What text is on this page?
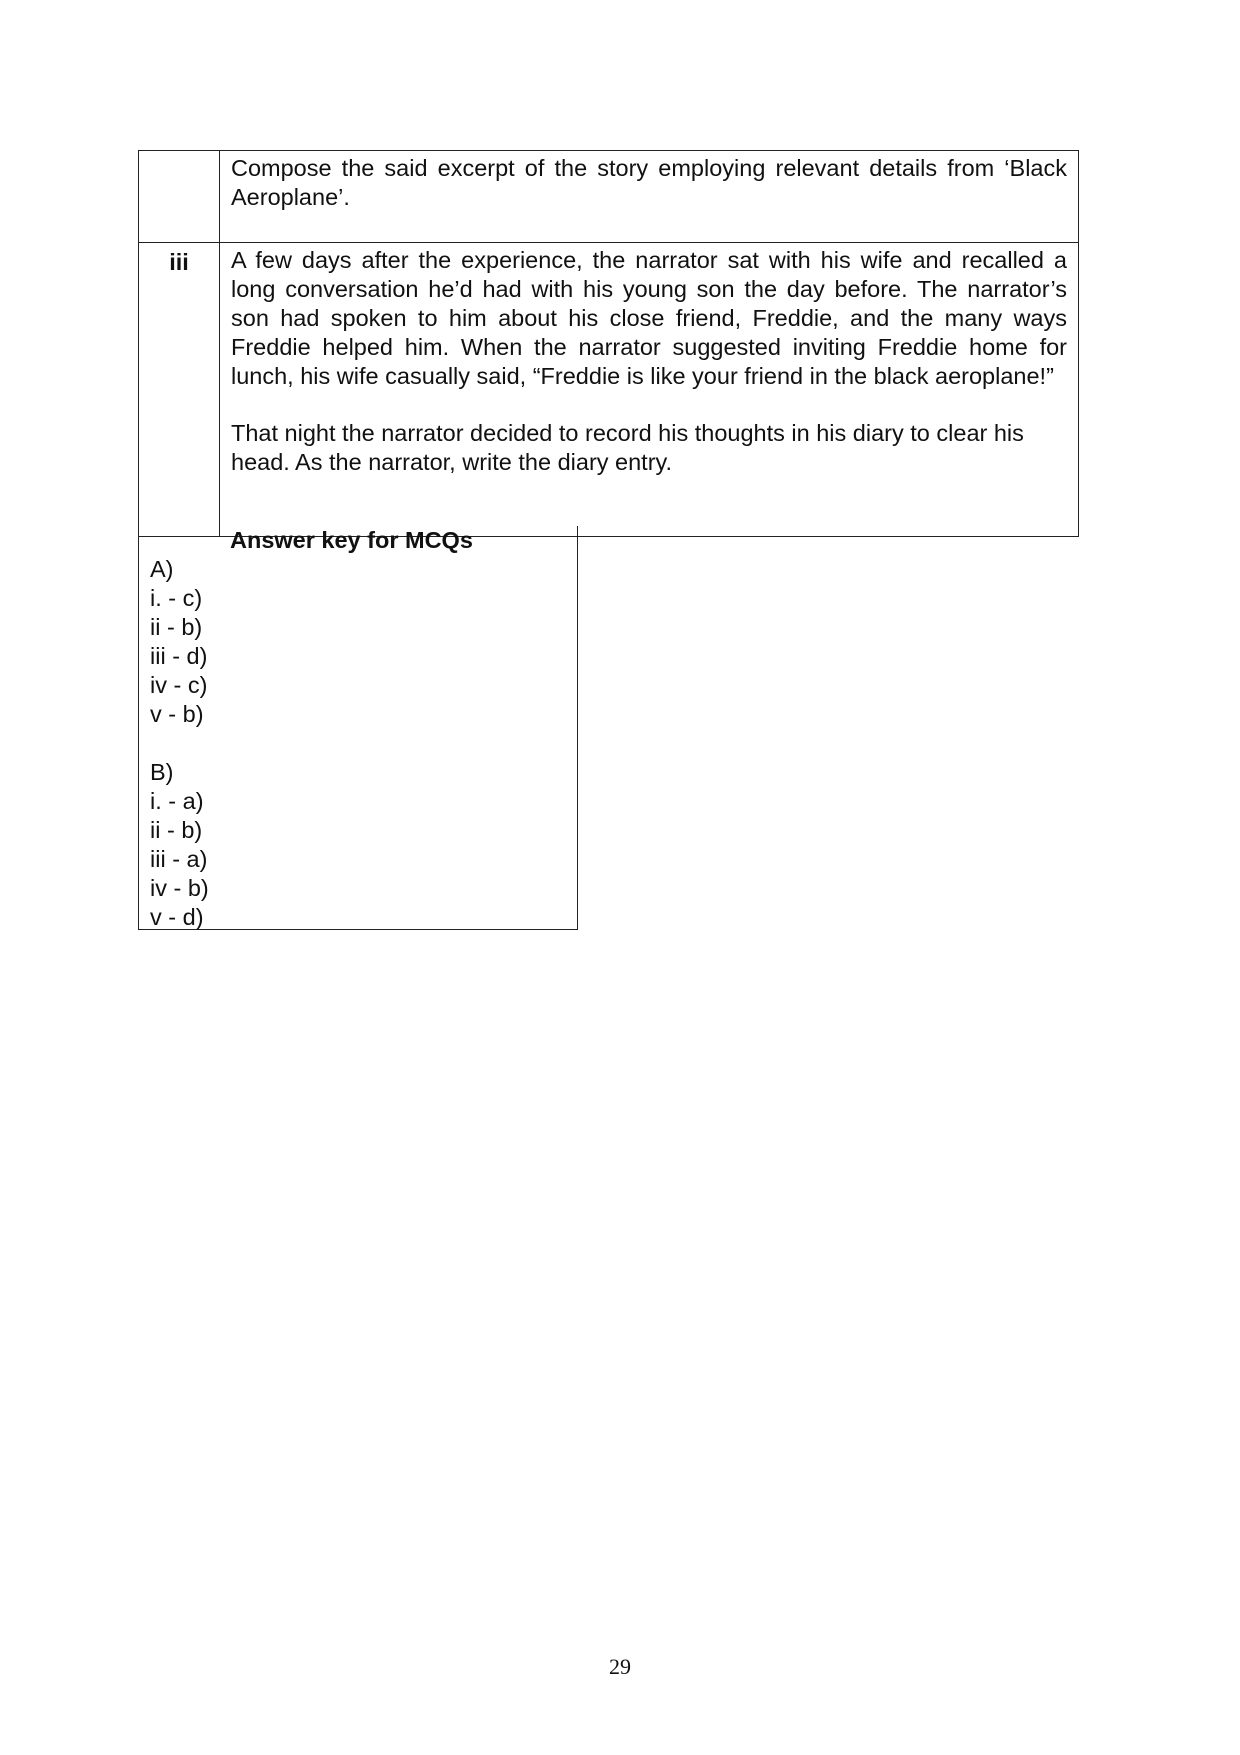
	Compose the said excerpt of the story employing relevant details from ‘Black Aeroplane’.

iii	A few days after the experience, the narrator sat with his wife and recalled a long conversation he’d had with his young son the day before. The narrator’s son had spoken to him about his close friend, Freddie, and the many ways Freddie helped him. When the narrator suggested inviting Freddie home for lunch, his wife casually said, “Freddie is like your friend in the black aeroplane!”

That night the narrator decided to record his thoughts in his diary to clear his head. As the narrator, write the diary entry.

Answer key for MCQs
A)
i. - c)
ii - b)
iii - d)
iv - c)
v - b)
B)
i. - a)
ii - b)
iii - a)
iv - b)
v - d)
29
